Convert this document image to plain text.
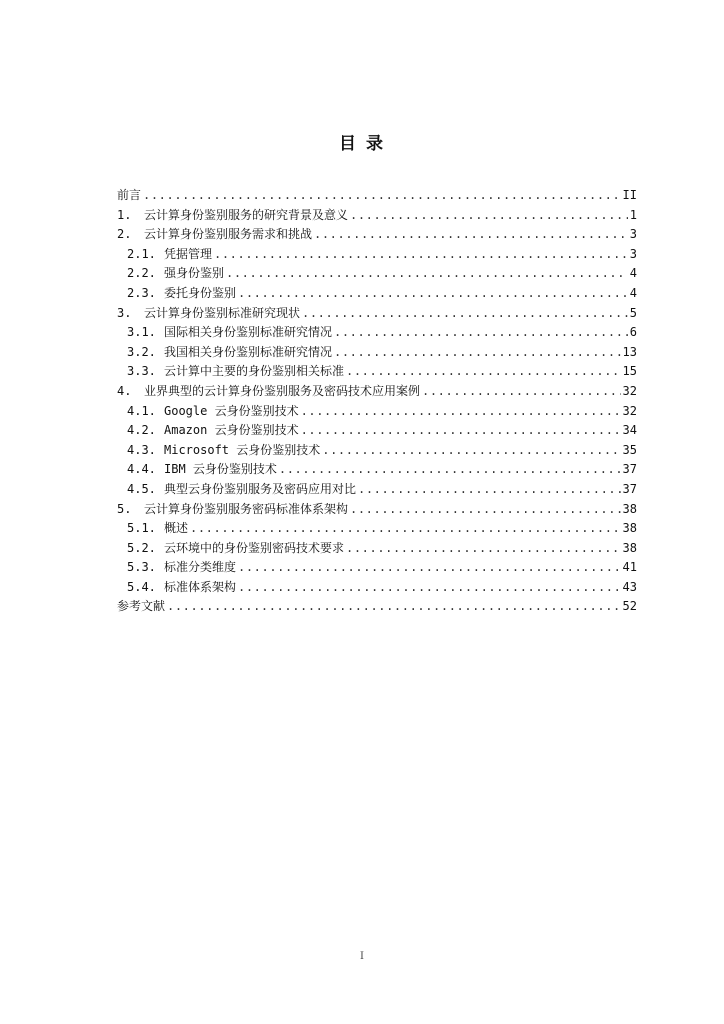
目 录
前言 .....	II
1.	云计算身份鉴别服务的研究背景及意义 .....	1
2.	云计算身份鉴别服务需求和挑战 .....	3
2.1. 凭据管理 .....	3
2.2. 强身份鉴别 .....	4
2.3. 委托身份鉴别 .....	4
3.	云计算身份鉴别标准研究现状 .....	5
3.1. 国际相关身份鉴别标准研究情况 .....	6
3.2. 我国相关身份鉴别标准研究情况 .....	13
3.3. 云计算中主要的身份鉴别相关标准 .....	15
4.	业界典型的云计算身份鉴别服务及密码技术应用案例 .....	32
4.1. Google 云身份鉴别技术 .....	32
4.2. Amazon 云身份鉴别技术 .....	34
4.3. Microsoft 云身份鉴别技术 .....	35
4.4. IBM 云身份鉴别技术 .....	37
4.5. 典型云身份鉴别服务及密码应用对比 .....	37
5.	云计算身份鉴别服务密码标准体系架构 .....	38
5.1. 概述 .....	38
5.2. 云环境中的身份鉴别密码技术要求 .....	38
5.3. 标准分类维度 .....	41
5.4. 标准体系架构 .....	43
参考文献 .....	52
I
